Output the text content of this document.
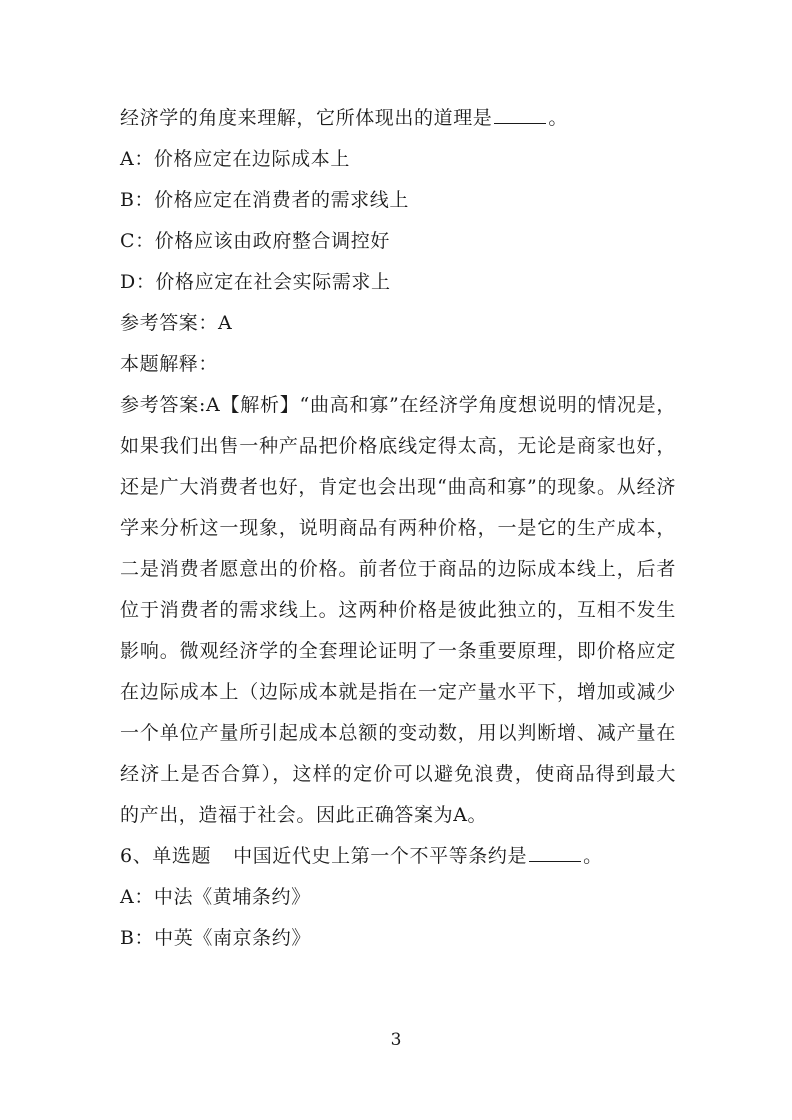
经济学的角度来理解，它所体现出的道理是	。
A：价格应定在边际成本上
B：价格应定在消费者的需求线上
C：价格应该由政府整合调控好
D：价格应定在社会实际需求上
参考答案：A
本题解释：
参考答案:A【解析】“曲高和寡”在经济学角度想说明的情况是，如果我们出售一种产品把价格底线定得太高，无论是商家也好，还是广大消费者也好，肯定也会出现“曲高和寡”的现象。从经济学来分析这一现象，说明商品有两种价格，一是它的生产成本，二是消费者愿意出的价格。前者位于商品的边际成本线上，后者位于消费者的需求线上。这两种价格是彼此独立的，互相不发生影响。微观经济学的全套理论证明了一条重要原理，即价格应定在边际成本上（边际成本就是指在一定产量水平下，增加或减少一个单位产量所引起成本总额的变动数，用以判断增、减产量在经济上是否合算），这样的定价可以避免浪费，使商品得到最大的产出，造福于社会。因此正确答案为A。
6、单选题 中国近代史上第一个不平等条约是	。
A：中法《黄埔条约》
B：中英《南京条约》
3
